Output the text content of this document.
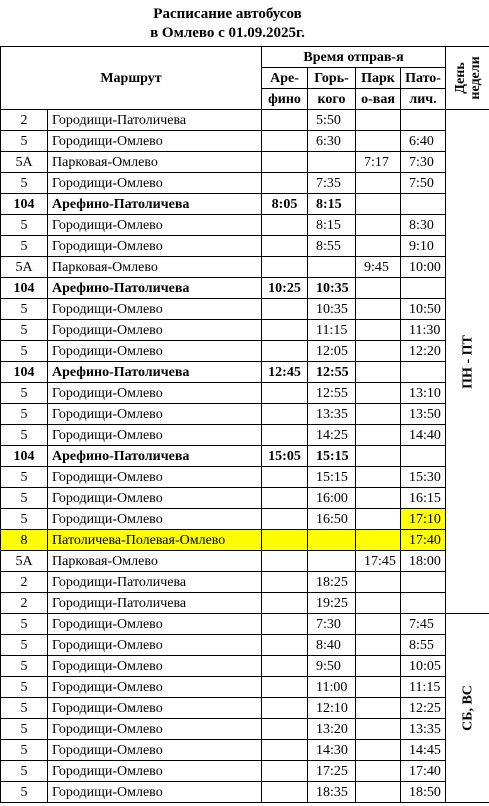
Расписание автобусов
в Омлево с 01.09.2025г.
Маршрут		Время отправ-я				День недели

		Аре-	Горь-	Парк	Пато-	
		фино	кого	о-вая	лич.	
2	Городищи-Патоличева		5:50			ПН - ПТ

5	Городищи-Омлево		6:30		6:40	
5А	Парковая-Омлево			7:17	7:30	
5	Городищи-Омлево		7:35		7:50	
104	Арефино-Патоличева	8:05	8:15			
5	Городищи-Омлево		8:15		8:30	
5	Городищи-Омлево		8:55		9:10	
5А	Парковая-Омлево			9:45	10:00	
104	Арефино-Патоличева	10:25	10:35			
5	Городищи-Омлево		10:35		10:50	
5	Городищи-Омлево		11:15		11:30	
5	Городищи-Омлево		12:05		12:20	
104	Арефино-Патоличева	12:45	12:55			
5	Городищи-Омлево		12:55		13:10	
5	Городищи-Омлево		13:35		13:50	
5	Городищи-Омлево		14:25		14:40	
104	Арефино-Патоличева	15:05	15:15			
5	Городищи-Омлево		15:15		15:30	
5	Городищи-Омлево		16:00		16:15	
5	Городищи-Омлево		16:50		17:10	
8	Патоличева-Полевая-Омлево				17:40	
5А	Парковая-Омлево			17:45	18:00	
2	Городищи-Патоличева		18:25			
2	Городищи-Патоличева		19:25			
5	Городищи-Омлево		7:30		7:45	СБ, ВС

5	Городищи-Омлево		8:40		8:55	
5	Городищи-Омлево		9:50		10:05	
5	Городищи-Омлево		11:00		11:15	
5	Городищи-Омлево		12:10		12:25	
5	Городищи-Омлево		13:20		13:35	
5	Городищи-Омлево		14:30		14:45	
5	Городищи-Омлево		17:25		17:40	
5	Городищи-Омлево		18:35		18:50	
